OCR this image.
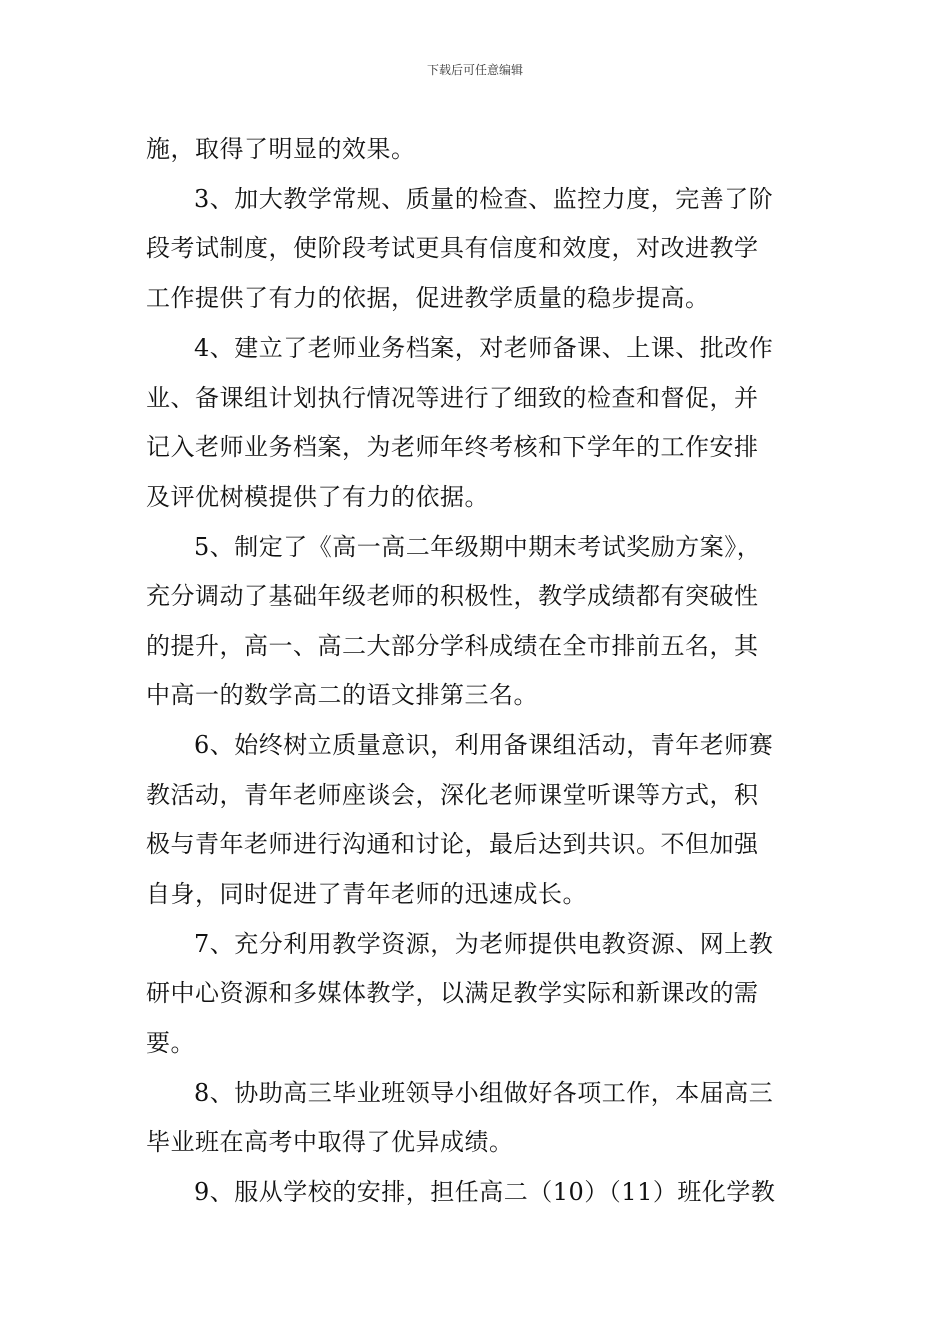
下载后可任意编辑
施，取得了明显的效果。
3、加大教学常规、质量的检查、监控力度，完善了阶
段考试制度，使阶段考试更具有信度和效度，对改进教学
工作提供了有力的依据，促进教学质量的稳步提高。
4、建立了老师业务档案，对老师备课、上课、批改作
业、备课组计划执行情况等进行了细致的检查和督促，并
记入老师业务档案，为老师年终考核和下学年的工作安排
及评优树模提供了有力的依据。
5、制定了《高一高二年级期中期末考试奖励方案》，
充分调动了基础年级老师的积极性，教学成绩都有突破性
的提升，高一、高二大部分学科成绩在全市排前五名，其
中高一的数学高二的语文排第三名。
6、始终树立质量意识，利用备课组活动，青年老师赛
教活动，青年老师座谈会，深化老师课堂听课等方式，积
极与青年老师进行沟通和讨论，最后达到共识。不但加强
自身，同时促进了青年老师的迅速成长。
7、充分利用教学资源，为老师提供电教资源、网上教
研中心资源和多媒体教学，以满足教学实际和新课改的需
要。
8、协助高三毕业班领导小组做好各项工作，本届高三
毕业班在高考中取得了优异成绩。
9、服从学校的安排，担任高二（10）（11）班化学教
